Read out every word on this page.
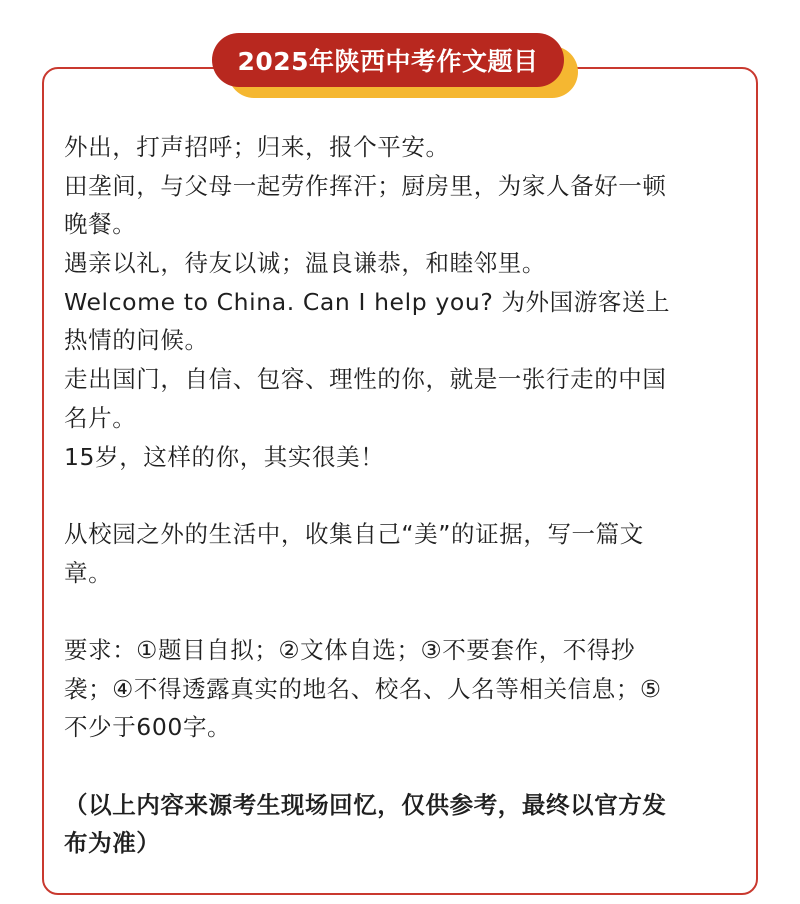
2025年陕西中考作文题目
外出，打声招呼；归来，报个平安。
田垄间，与父母一起劳作挥汗；厨房里，为家人备好一顿
晚餐。
遇亲以礼，待友以诚；温良谦恭，和睦邻里。
Welcome to China. Can I help you? 为外国游客送上
热情的问候。
走出国门，自信、包容、理性的你，就是一张行走的中国
名片。
15岁，这样的你，其实很美！
从校园之外的生活中，收集自己“美”的证据，写一篇文
章。
要求：①题目自拟；②文体自选；③不要套作，不得抄
袭；④不得透露真实的地名、校名、人名等相关信息；⑤
不少于600字。
（以上内容来源考生现场回忆，仅供参考，最终以官方发
布为准）
